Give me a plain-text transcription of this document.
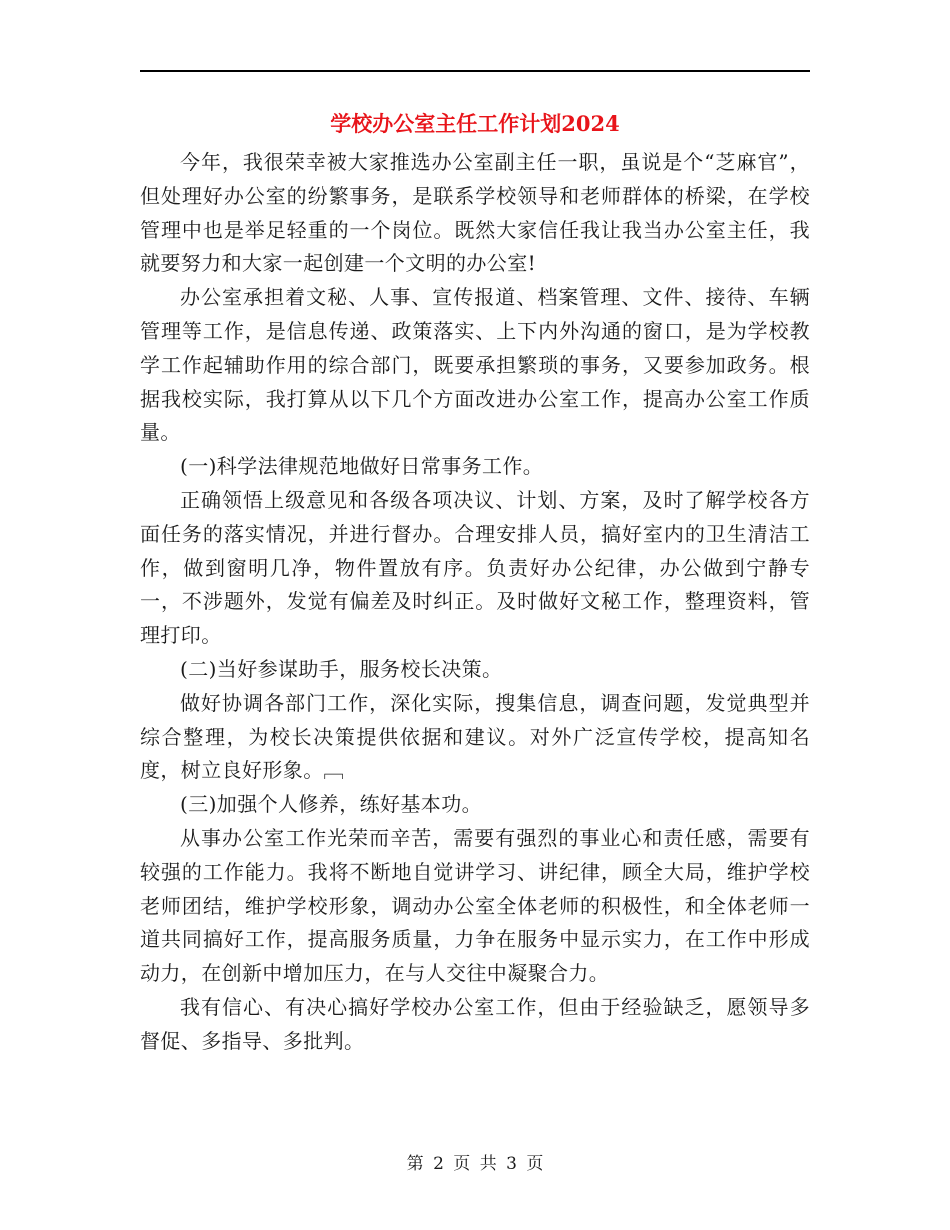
学校办公室主任工作计划2024

今年，我很荣幸被大家推选办公室副主任一职，虽说是个“芝麻官”，但处理好办公室的纷繁事务，是联系学校领导和老师群体的桥梁，在学校管理中也是举足轻重的一个岗位。既然大家信任我让我当办公室主任，我就要努力和大家一起创建一个文明的办公室!

办公室承担着文秘、人事、宣传报道、档案管理、文件、接待、车辆管理等工作，是信息传递、政策落实、上下内外沟通的窗口，是为学校教学工作起辅助作用的综合部门，既要承担繁琐的事务，又要参加政务。根据我校实际，我打算从以下几个方面改进办公室工作，提高办公室工作质量。

(一)科学法律规范地做好日常事务工作。

正确领悟上级意见和各级各项决议、计划、方案，及时了解学校各方面任务的落实情况，并进行督办。合理安排人员，搞好室内的卫生清洁工作，做到窗明几净，物件置放有序。负责好办公纪律，办公做到宁静专一，不涉题外，发觉有偏差及时纠正。及时做好文秘工作，整理资料，管理打印。

(二)当好参谋助手，服务校长决策。

做好协调各部门工作，深化实际，搜集信息，调查问题，发觉典型并综合整理，为校长决策提供依据和建议。对外广泛宣传学校，提高知名度，树立良好形象。﹇

(三)加强个人修养，练好基本功。

从事办公室工作光荣而辛苦，需要有强烈的事业心和责任感，需要有较强的工作能力。我将不断地自觉讲学习、讲纪律，顾全大局，维护学校老师团结，维护学校形象，调动办公室全体老师的积极性，和全体老师一道共同搞好工作，提高服务质量，力争在服务中显示实力，在工作中形成动力，在创新中增加压力，在与人交往中凝聚合力。

我有信心、有决心搞好学校办公室工作，但由于经验缺乏，愿领导多督促、多指导、多批判。

第 2 页 共 3 页
